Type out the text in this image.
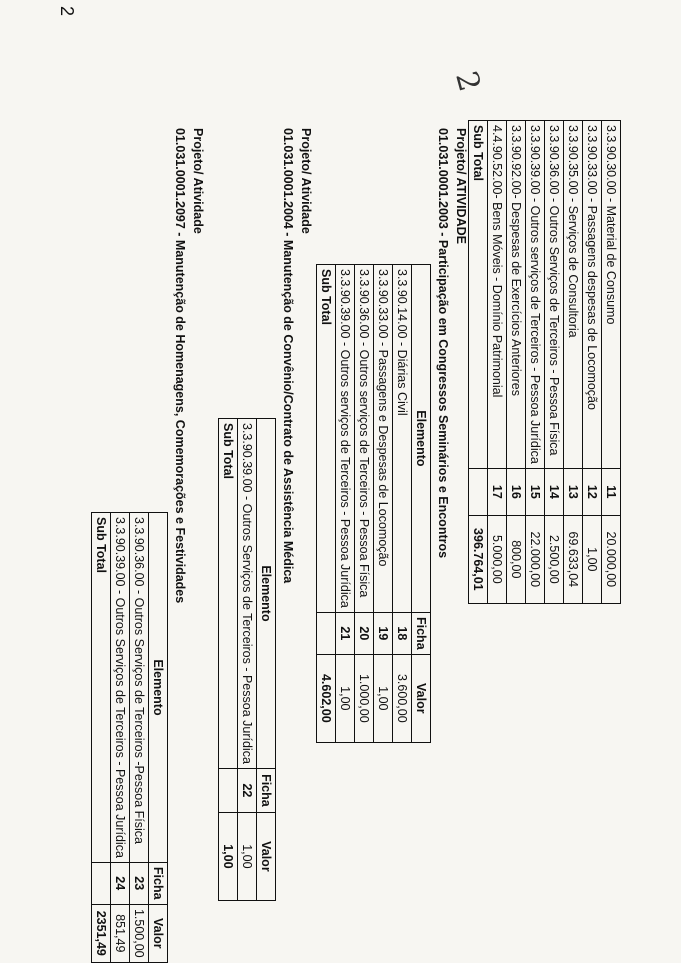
2
2
3.3.90.30.00 - Material de Consumo	11	20.000,00
3.3.90.33.00 - Passagens despesas de Locomoção	12	1,00
3.3.90.35.00 - Serviços de Consultoria	13	69.633,04
3.3.90.36.00 - Outros Serviços de Terceiros - Pessoa Física	14	2.500,00
3.3.90.39.00 - Outros serviços de Terceiros - Pessoa Jurídica	15	22.000,00
3.3.90.92.00- Despesas de Exercícios Anteriores	16	800,00
4.4.90.52.00- Bens Móveis - Domínio Patrimonial	17	5.000,00
Sub Total		396.764,01
Projeto/ ATIVIDADE
01.031.0001.2003 - Participação em Congressos Seminários e Encontros
Elemento	Ficha	Valor
3.3.90.14.00 - Diárias Civil	18	3.600,00
3.3.90.33.00 - Passagens e Despesas de Locomoção	19	1,00
3.3.90.36.00 - Outros serviços de Terceiros - Pessoa Física	20	1.000,00
3.3.90.39.00 - Outros serviços de Terceiros - Pessoa Jurídica	21	1,00
Sub Total		4.602,00
Projeto/ Atividade
01.031.0001.2004 - Manutenção de Convênio/Contrato de Assistência Médica
Elemento	Ficha	Valor
3.3.90.39.00 - Outros Serviços de Terceiros - Pessoa Jurídica	22	1,00
Sub Total		1,00
Projeto/ Atividade
01.031.0001.2097 - Manutenção de Homenagens, Comemorações e Festividades
Elemento	Ficha	Valor
3.3.90.36.00 - Outros Serviços de Terceiros -Pessoa Física	23	1.500,00
3.3.90.39.00 - Outros Serviços de Terceiros - Pessoa Jurídica	24	851,49
Sub Total		2351,49
